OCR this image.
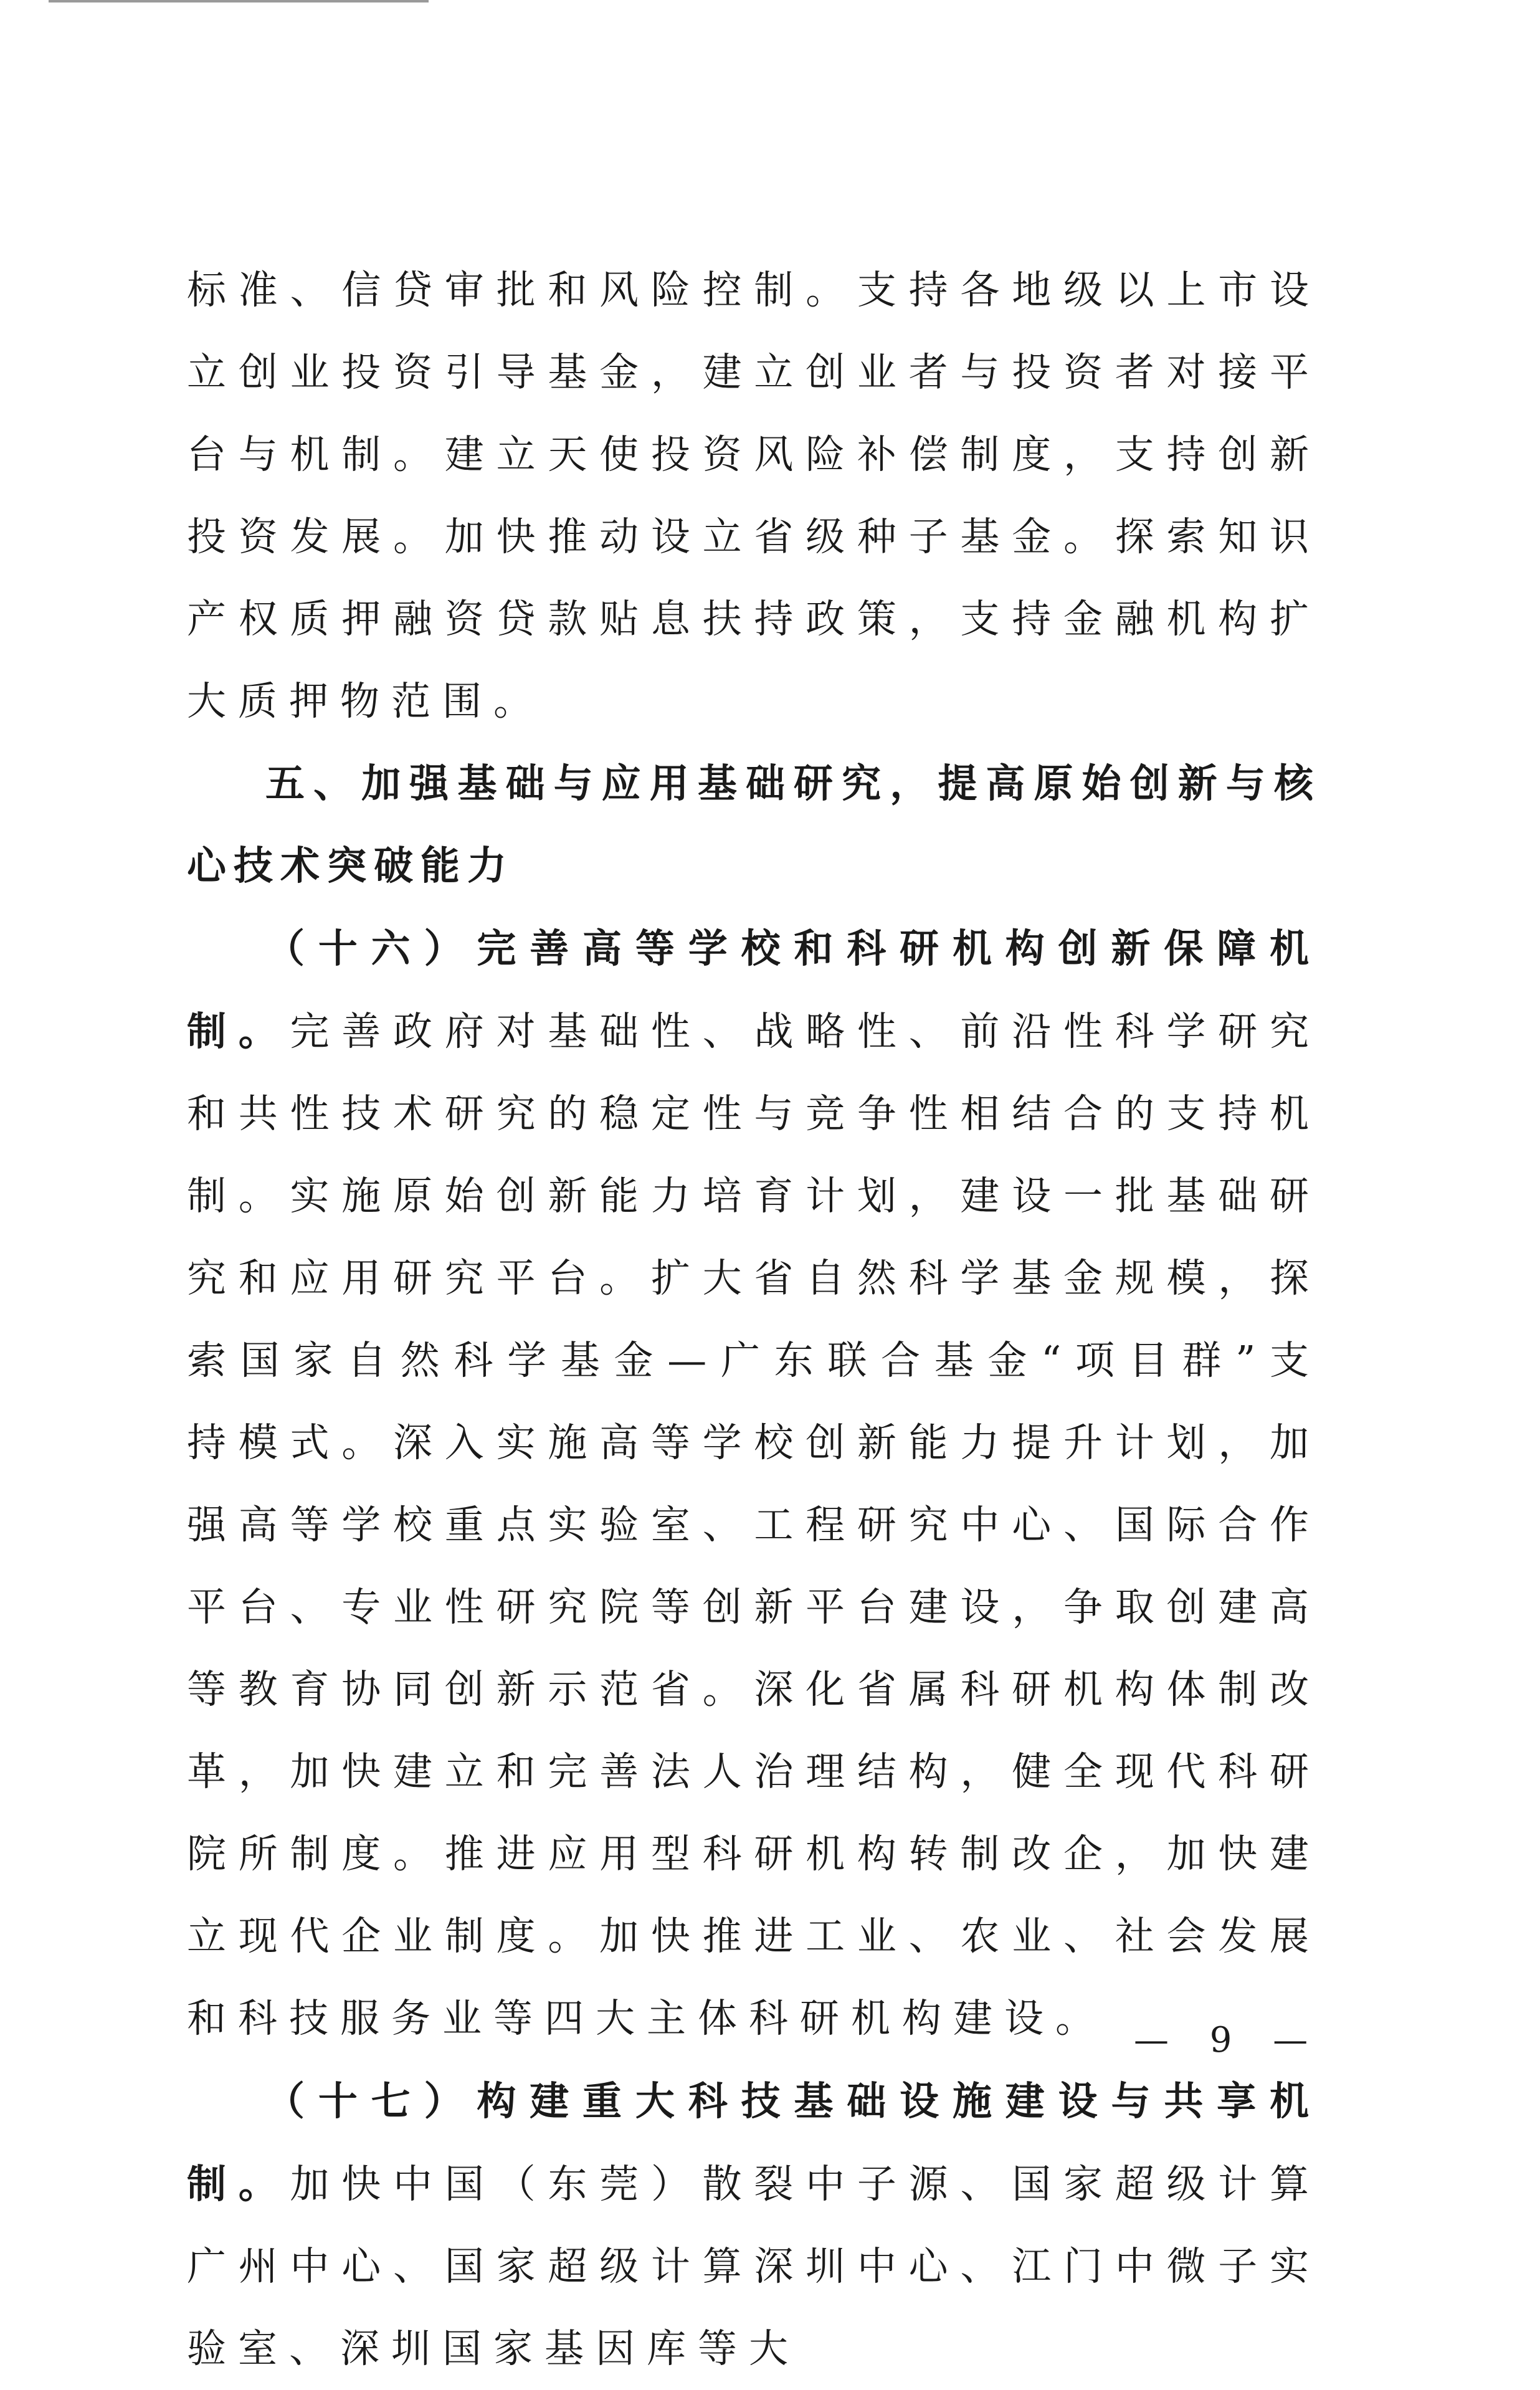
标准、信贷审批和风险控制。支持各地级以上市设立创业投资引导基金，建立创业者与投资者对接平台与机制。建立天使投资风险补偿制度，支持创新投资发展。加快推动设立省级种子基金。探索知识产权质押融资贷款贴息扶持政策，支持金融机构扩大质押物范围。

五、加强基础与应用基础研究，提高原始创新与核心技术突破能力

（十六）完善高等学校和科研机构创新保障机制。完善政府对基础性、战略性、前沿性科学研究和共性技术研究的稳定性与竞争性相结合的支持机制。实施原始创新能力培育计划，建设一批基础研究和应用研究平台。扩大省自然科学基金规模，探索国家自然科学基金—广东联合基金“项目群”支持模式。深入实施高等学校创新能力提升计划，加强高等学校重点实验室、工程研究中心、国际合作平台、专业性研究院等创新平台建设，争取创建高等教育协同创新示范省。深化省属科研机构体制改革，加快建立和完善法人治理结构，健全现代科研院所制度。推进应用型科研机构转制改企，加快建立现代企业制度。加快推进工业、农业、社会发展和科技服务业等四大主体科研机构建设。

（十七）构建重大科技基础设施建设与共享机制。加快中国（东莞）散裂中子源、国家超级计算广州中心、国家超级计算深圳中心、江门中微子实验室、深圳国家基因库等大

— 9 —
